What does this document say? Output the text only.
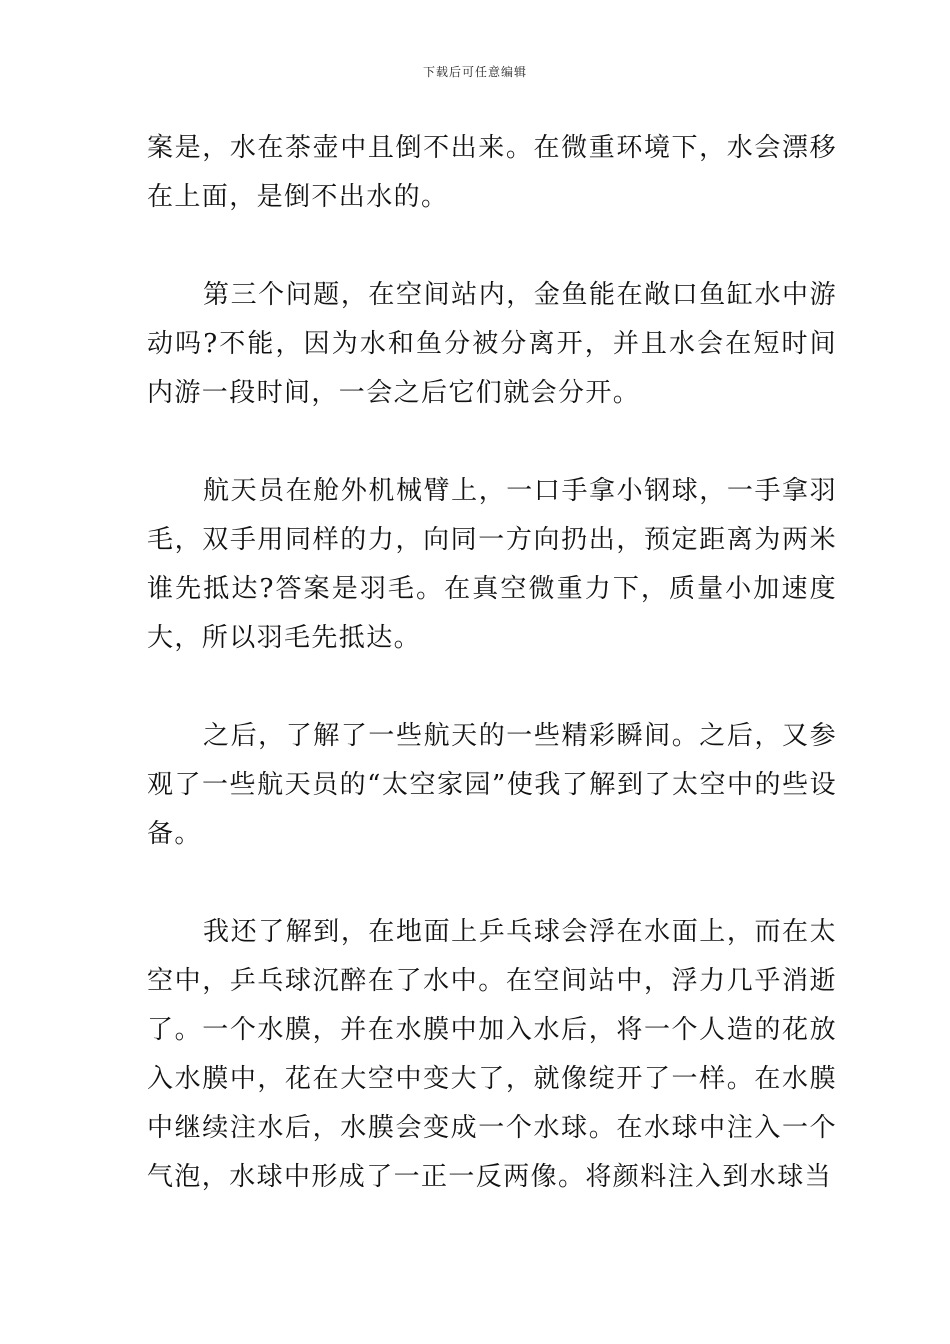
下载后可任意编辑

案是，水在茶壶中且倒不出来。在微重环境下，水会漂移在上面，是倒不出水的。

第三个问题，在空间站内，金鱼能在敞口鱼缸水中游动吗?不能，因为水和鱼分被分离开，并且水会在短时间内游一段时间，一会之后它们就会分开。

航天员在舱外机械臂上，一口手拿小钢球，一手拿羽毛，双手用同样的力，向同一方向扔出，预定距离为两米谁先抵达?答案是羽毛。在真空微重力下，质量小加速度大，所以羽毛先抵达。

之后，了解了一些航天的一些精彩瞬间。之后，又参观了一些航天员的“太空家园”使我了解到了太空中的些设备。

我还了解到，在地面上乒乓球会浮在水面上，而在太空中，乒乓球沉醉在了水中。在空间站中，浮力几乎消逝了。一个水膜，并在水膜中加入水后，将一个人造的花放入水膜中，花在大空中变大了，就像绽开了一样。在水膜中继续注水后，水膜会变成一个水球。在水球中注入一个气泡，水球中形成了一正一反两像。将颜料注入到水球当
